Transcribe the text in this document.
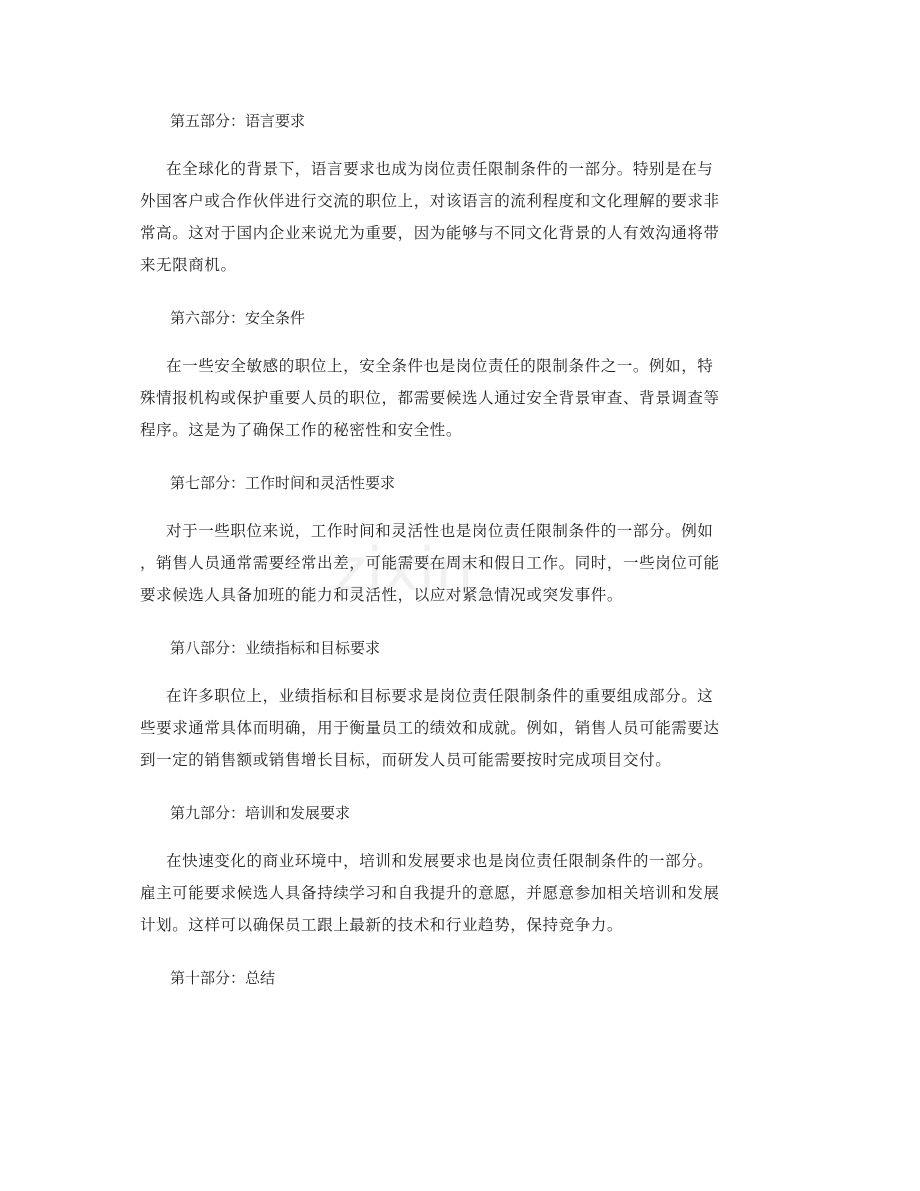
zixin
第五部分：语言要求
在全球化的背景下，语言要求也成为岗位责任限制条件的一部分。特别是在与
外国客户或合作伙伴进行交流的职位上，对该语言的流利程度和文化理解的要求非
常高。这对于国内企业来说尤为重要，因为能够与不同文化背景的人有效沟通将带
来无限商机。
第六部分：安全条件
在一些安全敏感的职位上，安全条件也是岗位责任的限制条件之一。例如，特
殊情报机构或保护重要人员的职位，都需要候选人通过安全背景审查、背景调查等
程序。这是为了确保工作的秘密性和安全性。
第七部分：工作时间和灵活性要求
对于一些职位来说，工作时间和灵活性也是岗位责任限制条件的一部分。例如
，销售人员通常需要经常出差，可能需要在周末和假日工作。同时，一些岗位可能
要求候选人具备加班的能力和灵活性，以应对紧急情况或突发事件。
第八部分：业绩指标和目标要求
在许多职位上，业绩指标和目标要求是岗位责任限制条件的重要组成部分。这
些要求通常具体而明确，用于衡量员工的绩效和成就。例如，销售人员可能需要达
到一定的销售额或销售增长目标，而研发人员可能需要按时完成项目交付。
第九部分：培训和发展要求
在快速变化的商业环境中，培训和发展要求也是岗位责任限制条件的一部分。
雇主可能要求候选人具备持续学习和自我提升的意愿，并愿意参加相关培训和发展
计划。这样可以确保员工跟上最新的技术和行业趋势，保持竞争力。
第十部分：总结
